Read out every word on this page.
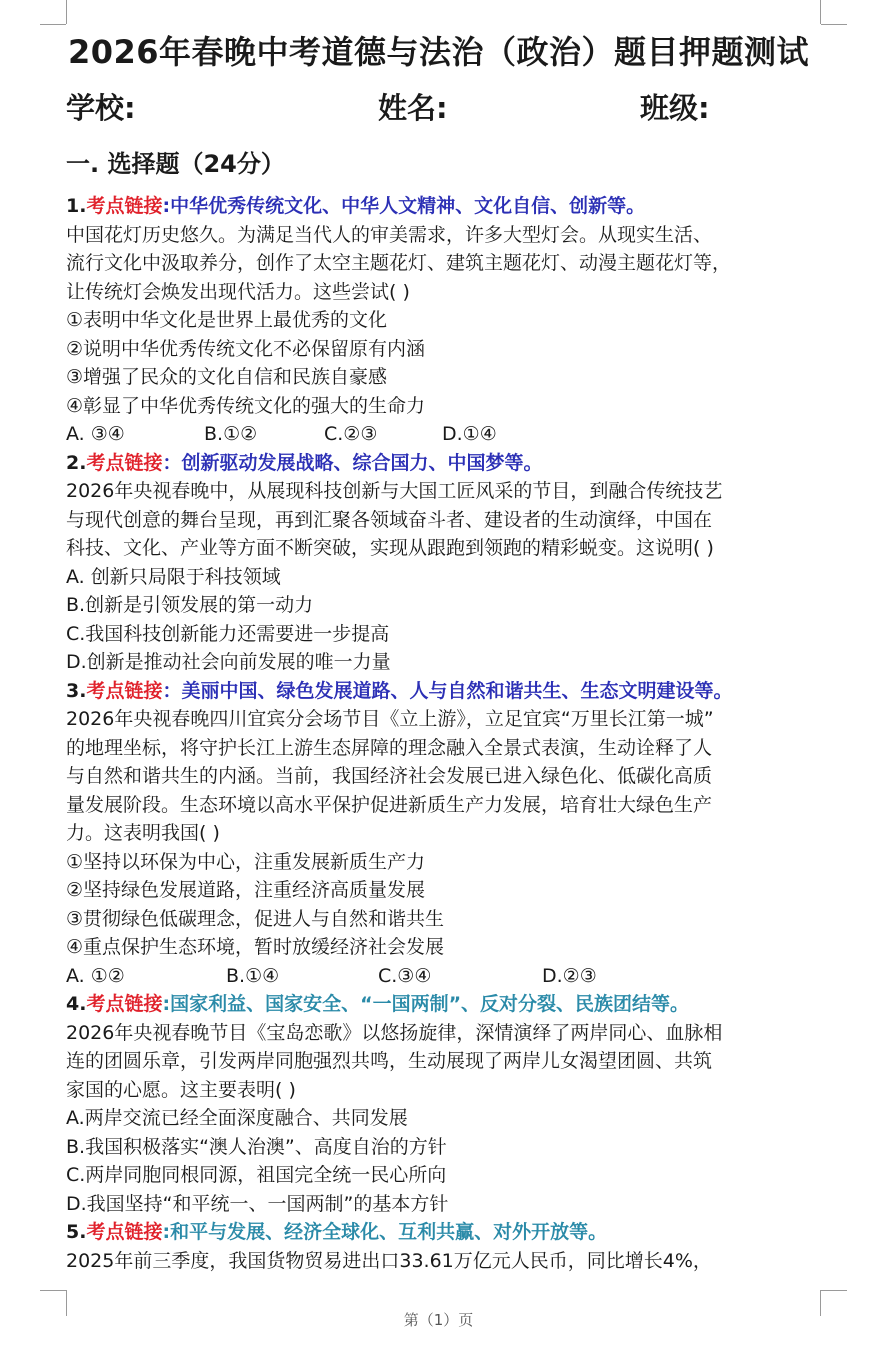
2026年春晚中考道德与法治（政治）题目押题测试
学校:	姓名:	班级:
一. 选择题（24分）
1.考点链接:中华优秀传统文化、中华人文精神、文化自信、创新等。
中国花灯历史悠久。为满足当代人的审美需求，许多大型灯会。从现实生活、
流行文化中汲取养分，创作了太空主题花灯、建筑主题花灯、动漫主题花灯等，
让传统灯会焕发出现代活力。这些尝试( )
①表明中华文化是世界上最优秀的文化
②说明中华优秀传统文化不必保留原有内涵
③增强了民众的文化自信和民族自豪感
④彰显了中华优秀传统文化的强大的生命力
A. ③④	B.①②	C.②③	D.①④
2.考点链接：创新驱动发展战略、综合国力、中国梦等。
2026年央视春晚中，从展现科技创新与大国工匠风采的节目，到融合传统技艺
与现代创意的舞台呈现，再到汇聚各领域奋斗者、建设者的生动演绎，中国在
科技、文化、产业等方面不断突破，实现从跟跑到领跑的精彩蜕变。这说明( )
A. 创新只局限于科技领域
B.创新是引领发展的第一动力
C.我国科技创新能力还需要进一步提高
D.创新是推动社会向前发展的唯一力量
3.考点链接：美丽中国、绿色发展道路、人与自然和谐共生、生态文明建设等。
2026年央视春晚四川宜宾分会场节目《立上游》，立足宜宾“万里长江第一城”
的地理坐标，将守护长江上游生态屏障的理念融入全景式表演，生动诠释了人
与自然和谐共生的内涵。当前，我国经济社会发展已进入绿色化、低碳化高质
量发展阶段。生态环境以高水平保护促进新质生产力发展，培育壮大绿色生产
力。这表明我国( )
①坚持以环保为中心，注重发展新质生产力
②坚持绿色发展道路，注重经济高质量发展
③贯彻绿色低碳理念，促进人与自然和谐共生
④重点保护生态环境，暂时放缓经济社会发展
A. ①②	B.①④	C.③④	D.②③
4.考点链接:国家利益、国家安全、“一国两制”、反对分裂、民族团结等。
2026年央视春晚节目《宝岛恋歌》以悠扬旋律，深情演绎了两岸同心、血脉相
连的团圆乐章，引发两岸同胞强烈共鸣，生动展现了两岸儿女渴望团圆、共筑
家国的心愿。这主要表明( )
A.两岸交流已经全面深度融合、共同发展
B.我国积极落实“澳人治澳”、高度自治的方针
C.两岸同胞同根同源，祖国完全统一民心所向
D.我国坚持“和平统一、一国两制”的基本方针
5.考点链接:和平与发展、经济全球化、互利共赢、对外开放等。
2025年前三季度，我国货物贸易进出口33.61万亿元人民币，同比增长4%，
第（1）页
